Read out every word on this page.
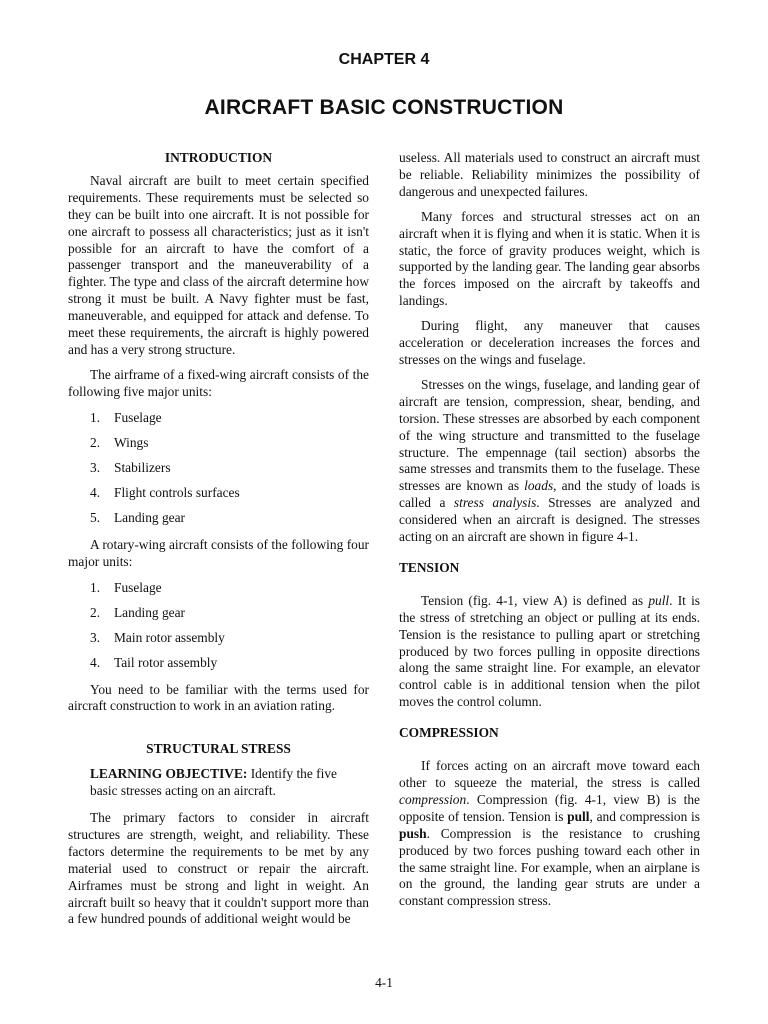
CHAPTER 4
AIRCRAFT BASIC CONSTRUCTION
INTRODUCTION

Naval aircraft are built to meet certain specified requirements. These requirements must be selected so they can be built into one aircraft. It is not possible for one aircraft to possess all characteristics; just as it isn't possible for an aircraft to have the comfort of a passenger transport and the maneuverability of a fighter. The type and class of the aircraft determine how strong it must be built. A Navy fighter must be fast, maneuverable, and equipped for attack and defense. To meet these requirements, the aircraft is highly powered and has a very strong structure.

The airframe of a fixed-wing aircraft consists of the following five major units:

1.	Fuselage
2.	Wings
3.	Stabilizers
4.	Flight controls surfaces
5.	Landing gear

A rotary-wing aircraft consists of the following four major units:

1.	Fuselage
2.	Landing gear
3.	Main rotor assembly
4.	Tail rotor assembly

You need to be familiar with the terms used for aircraft construction to work in an aviation rating.

STRUCTURAL STRESS
LEARNING OBJECTIVE: Identify the five basic stresses acting on an aircraft.

The primary factors to consider in aircraft structures are strength, weight, and reliability. These factors determine the requirements to be met by any material used to construct or repair the aircraft. Airframes must be strong and light in weight. An aircraft built so heavy that it couldn't support more than a few hundred pounds of additional weight would be

useless. All materials used to construct an aircraft must be reliable. Reliability minimizes the possibility of dangerous and unexpected failures.

Many forces and structural stresses act on an aircraft when it is flying and when it is static. When it is static, the force of gravity produces weight, which is supported by the landing gear. The landing gear absorbs the forces imposed on the aircraft by takeoffs and landings.

During flight, any maneuver that causes acceleration or deceleration increases the forces and stresses on the wings and fuselage.

Stresses on the wings, fuselage, and landing gear of aircraft are tension, compression, shear, bending, and torsion. These stresses are absorbed by each component of the wing structure and transmitted to the fuselage structure. The empennage (tail section) absorbs the same stresses and transmits them to the fuselage. These stresses are known as loads, and the study of loads is called a stress analysis. Stresses are analyzed and considered when an aircraft is designed. The stresses acting on an aircraft are shown in figure 4-1.

TENSION

Tension (fig. 4-1, view A) is defined as pull. It is the stress of stretching an object or pulling at its ends. Tension is the resistance to pulling apart or stretching produced by two forces pulling in opposite directions along the same straight line. For example, an elevator control cable is in additional tension when the pilot moves the control column.

COMPRESSION

If forces acting on an aircraft move toward each other to squeeze the material, the stress is called compression. Compression (fig. 4-1, view B) is the opposite of tension. Tension is pull, and compression is push. Compression is the resistance to crushing produced by two forces pushing toward each other in the same straight line. For example, when an airplane is on the ground, the landing gear struts are under a constant compression stress.

4-1
